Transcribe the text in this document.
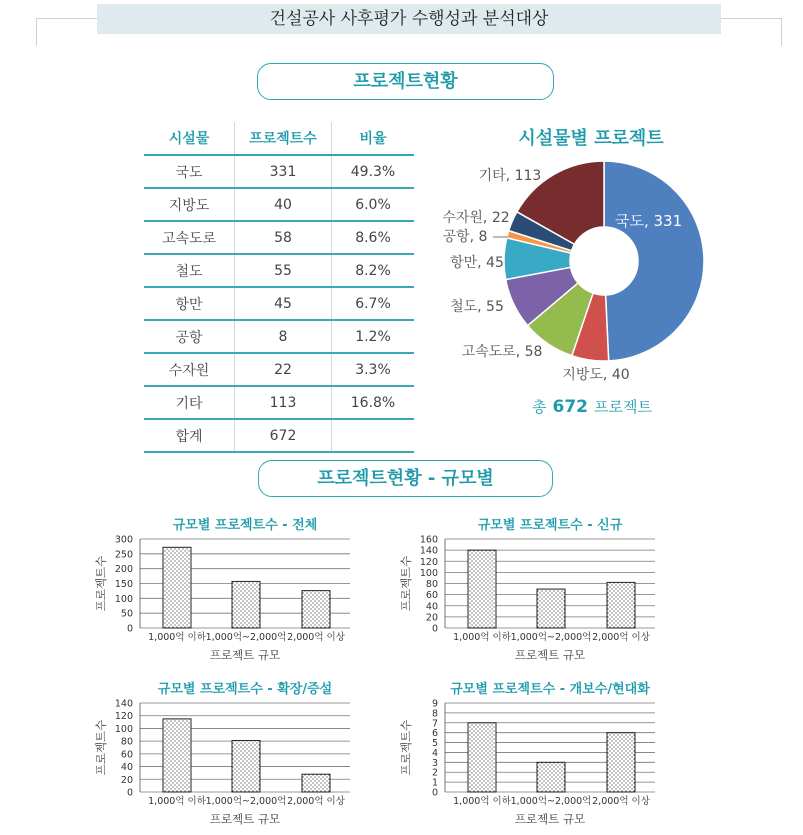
건설공사 사후평가 수행성과 분석대상
프로젝트현황
시설물	프로젝트수	비율
국도	331	49.3%
지방도	40	6.0%
고속도로	58	8.6%
철도	55	8.2%
항만	45	6.7%
공항	8	1.2%
수자원	22	3.3%
기타	113	16.8%
합계	672	
시설물별 프로젝트
국도, 331
지방도, 40
고속도로, 58
철도, 55
항만, 45
공항, 8
수자원, 22
기타, 113
총 672 프로젝트
프로젝트현황 - 규모별
규모별 프로젝트수 - 전체
0
50
100
150
200
250
300
1,000억 이하 1,000억~2,000억 2,000억 이상
프로젝트 규모
프로젝트수
규모별 프로젝트수 - 신규
0
20
40
60
80
100
120
140
160
1,000억 이하 1,000억~2,000억 2,000억 이상
프로젝트 규모
프로젝트수
규모별 프로젝트수 - 확장/증설
0
20
40
60
80
100
120
140
1,000억 이하 1,000억~2,000억 2,000억 이상
프로젝트 규모
프로젝트수
규모별 프로젝트수 - 개보수/현대화
0
1
2
3
4
5
6
7
8
9
1,000억 이하 1,000억~2,000억 2,000억 이상
프로젝트 규모
프로젝트수
